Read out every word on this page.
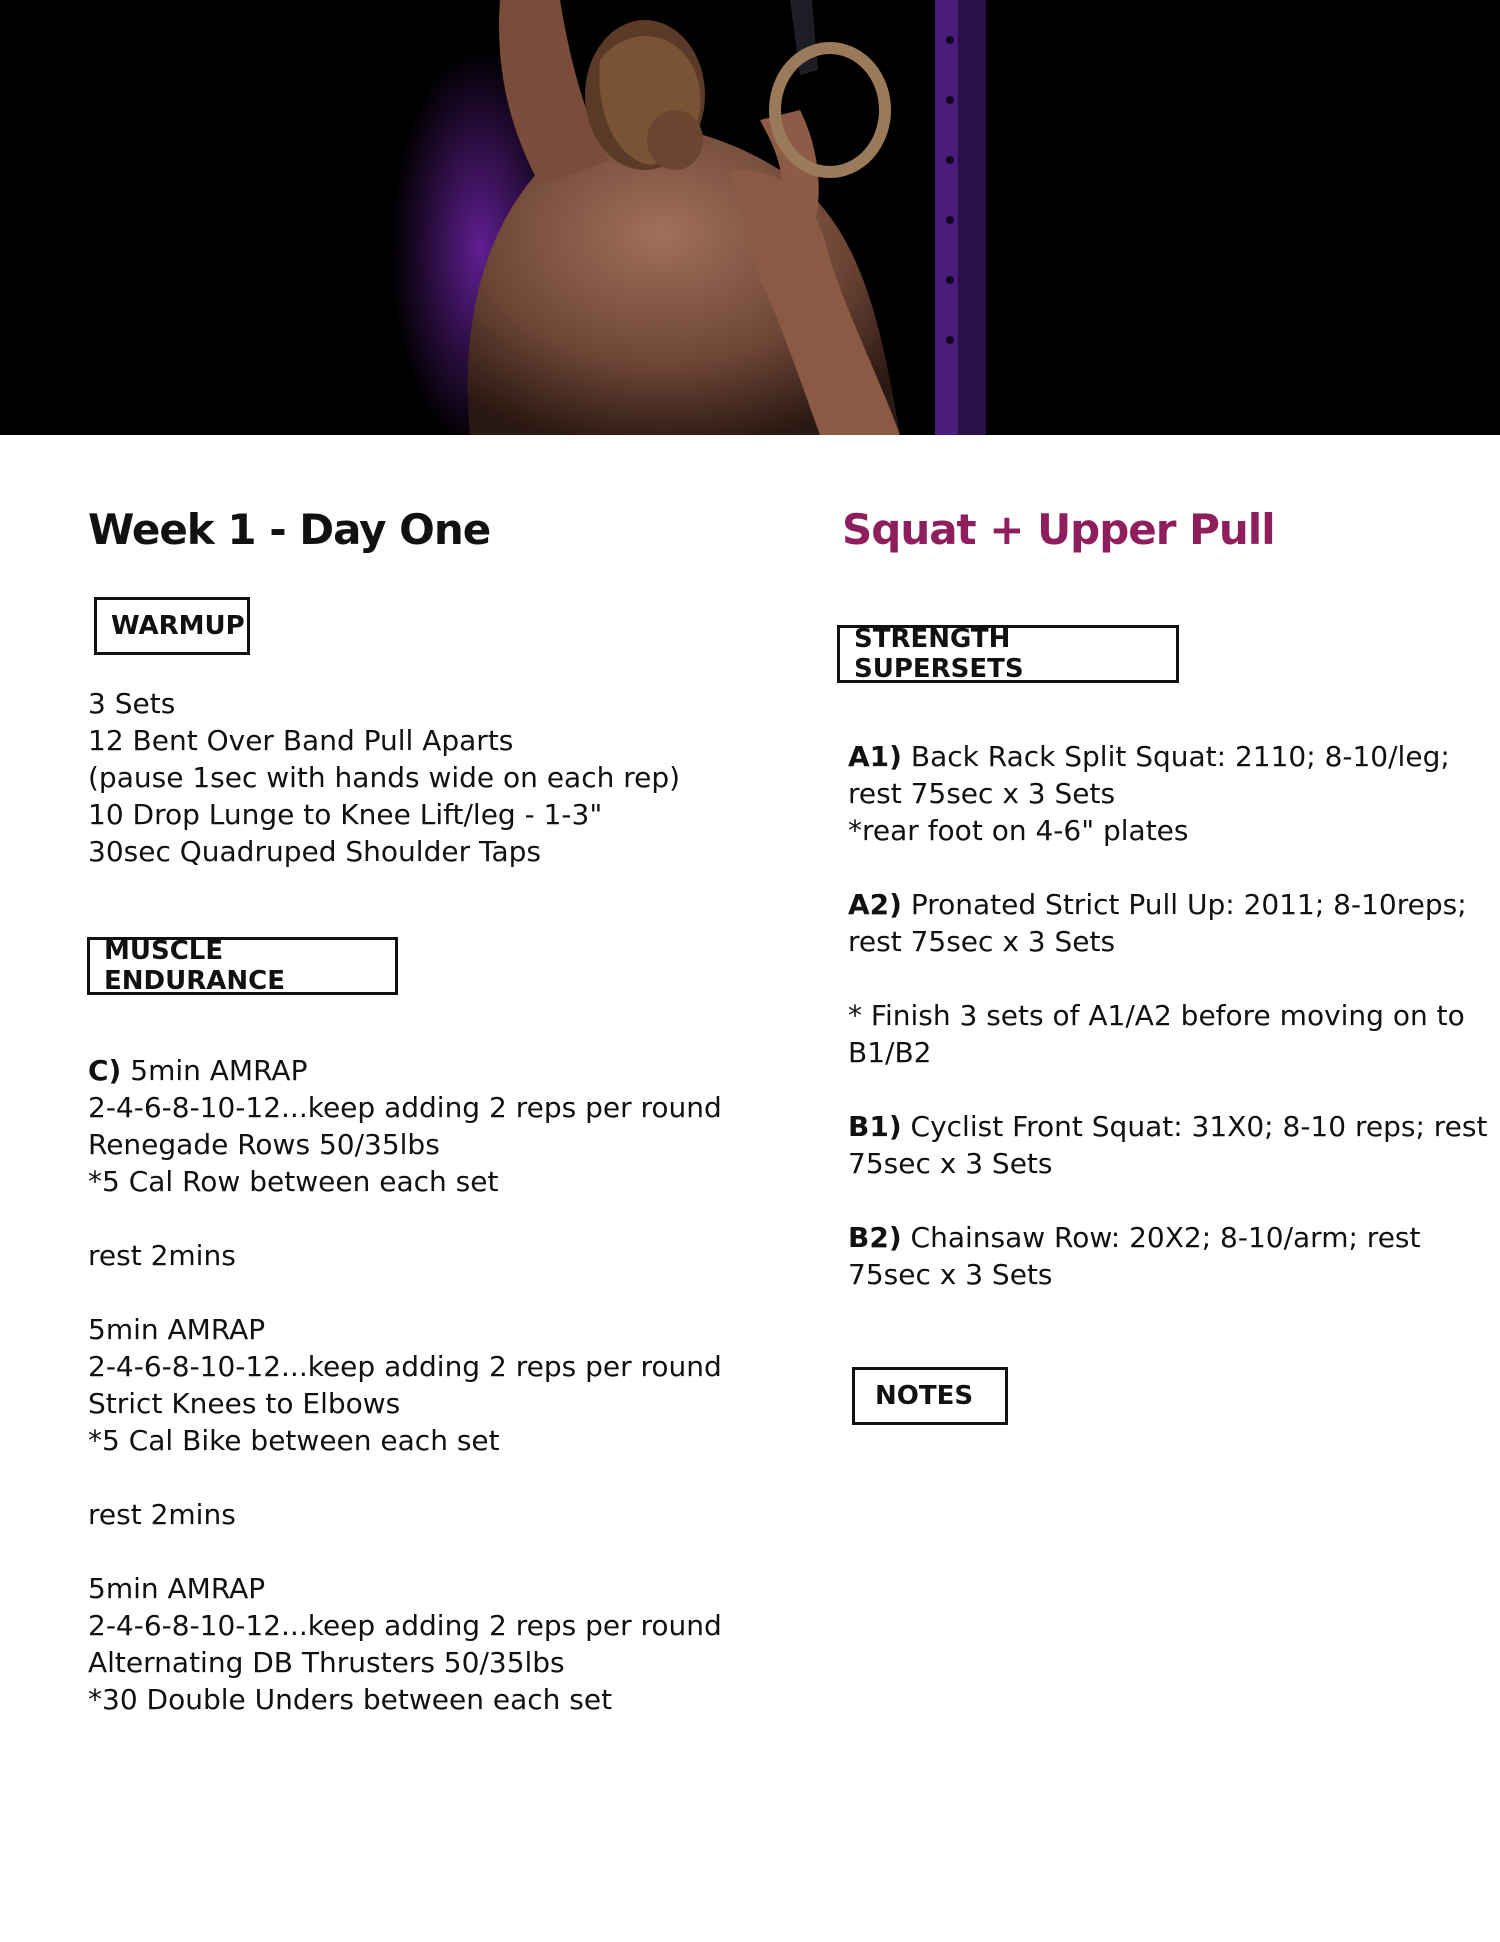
Week 1 - Day One
WARMUP
3 Sets
12 Bent Over Band Pull Aparts
(pause 1sec with hands wide on each rep)
10 Drop Lunge to Knee Lift/leg - 1-3"
30sec Quadruped Shoulder Taps
MUSCLE ENDURANCE
C) 5min AMRAP
2-4-6-8-10-12...keep adding 2 reps per round
Renegade Rows 50/35lbs
*5 Cal Row between each set
rest 2mins
5min AMRAP
2-4-6-8-10-12...keep adding 2 reps per round
Strict Knees to Elbows
*5 Cal Bike between each set
rest 2mins
5min AMRAP
2-4-6-8-10-12...keep adding 2 reps per round
Alternating DB Thrusters 50/35lbs
*30 Double Unders between each set
Squat + Upper Pull
STRENGTH SUPERSETS
A1) Back Rack Split Squat: 2110; 8-10/leg;
rest 75sec x 3 Sets
*rear foot on 4-6" plates
A2) Pronated Strict Pull Up: 2011; 8-10reps;
rest 75sec x 3 Sets
* Finish 3 sets of A1/A2 before moving on to
B1/B2
B1) Cyclist Front Squat: 31X0; 8-10 reps; rest
75sec x 3 Sets
B2) Chainsaw Row: 20X2; 8-10/arm; rest
75sec x 3 Sets
NOTES
